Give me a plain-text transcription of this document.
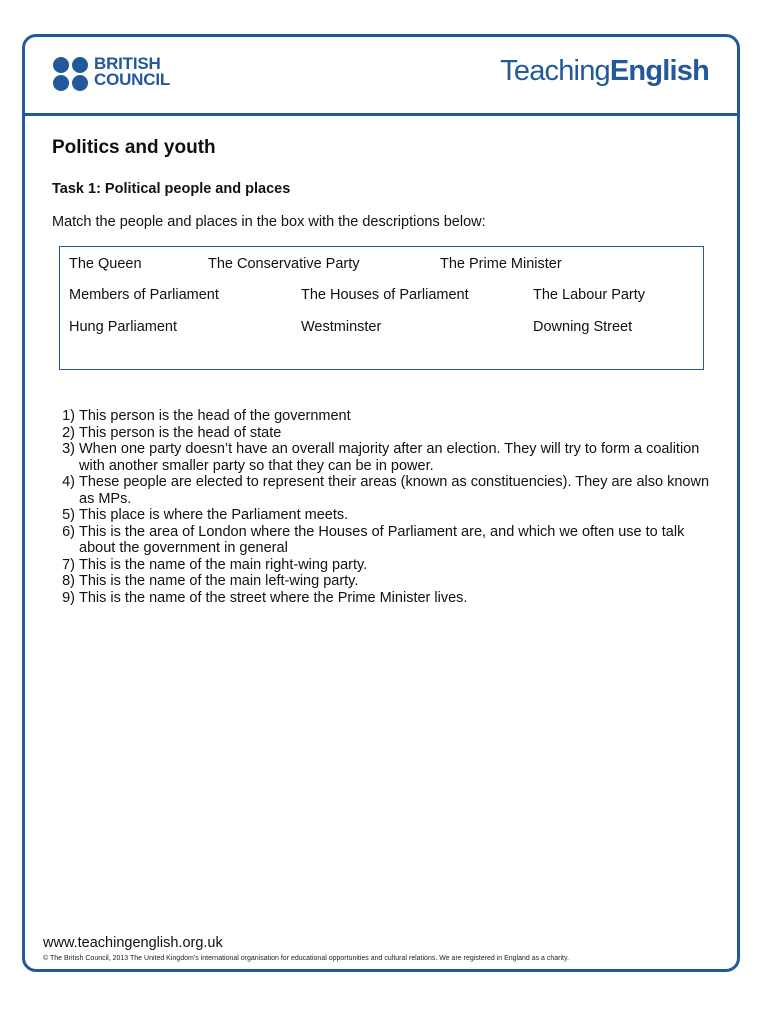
BRITISH
COUNCIL	TeachingEnglish
Politics and youth
Task 1: Political people and places
Match the people and places in the box with the descriptions below:
The Queen	The Conservative Party	The Prime Minister
Members of Parliament	The Houses of Parliament	The Labour Party
Hung Parliament	Westminster	Downing Street
1) This person is the head of the government
2) This person is the head of state
3) When one party doesn’t have an overall majority after an election. They will try to form a coalition with another smaller party so that they can be in power.
4) These people are elected to represent their areas (known as constituencies). They are also known as MPs.
5) This place is where the Parliament meets.
6) This is the area of London where the Houses of Parliament are, and which we often use to talk about the government in general
7) This is the name of the main right-wing party.
8) This is the name of the main left-wing party.
9) This is the name of the street where the Prime Minister lives.
www.teachingenglish.org.uk
© The British Council, 2013 The United Kingdom’s international organisation for educational opportunities and cultural relations. We are registered in England as a charity.
